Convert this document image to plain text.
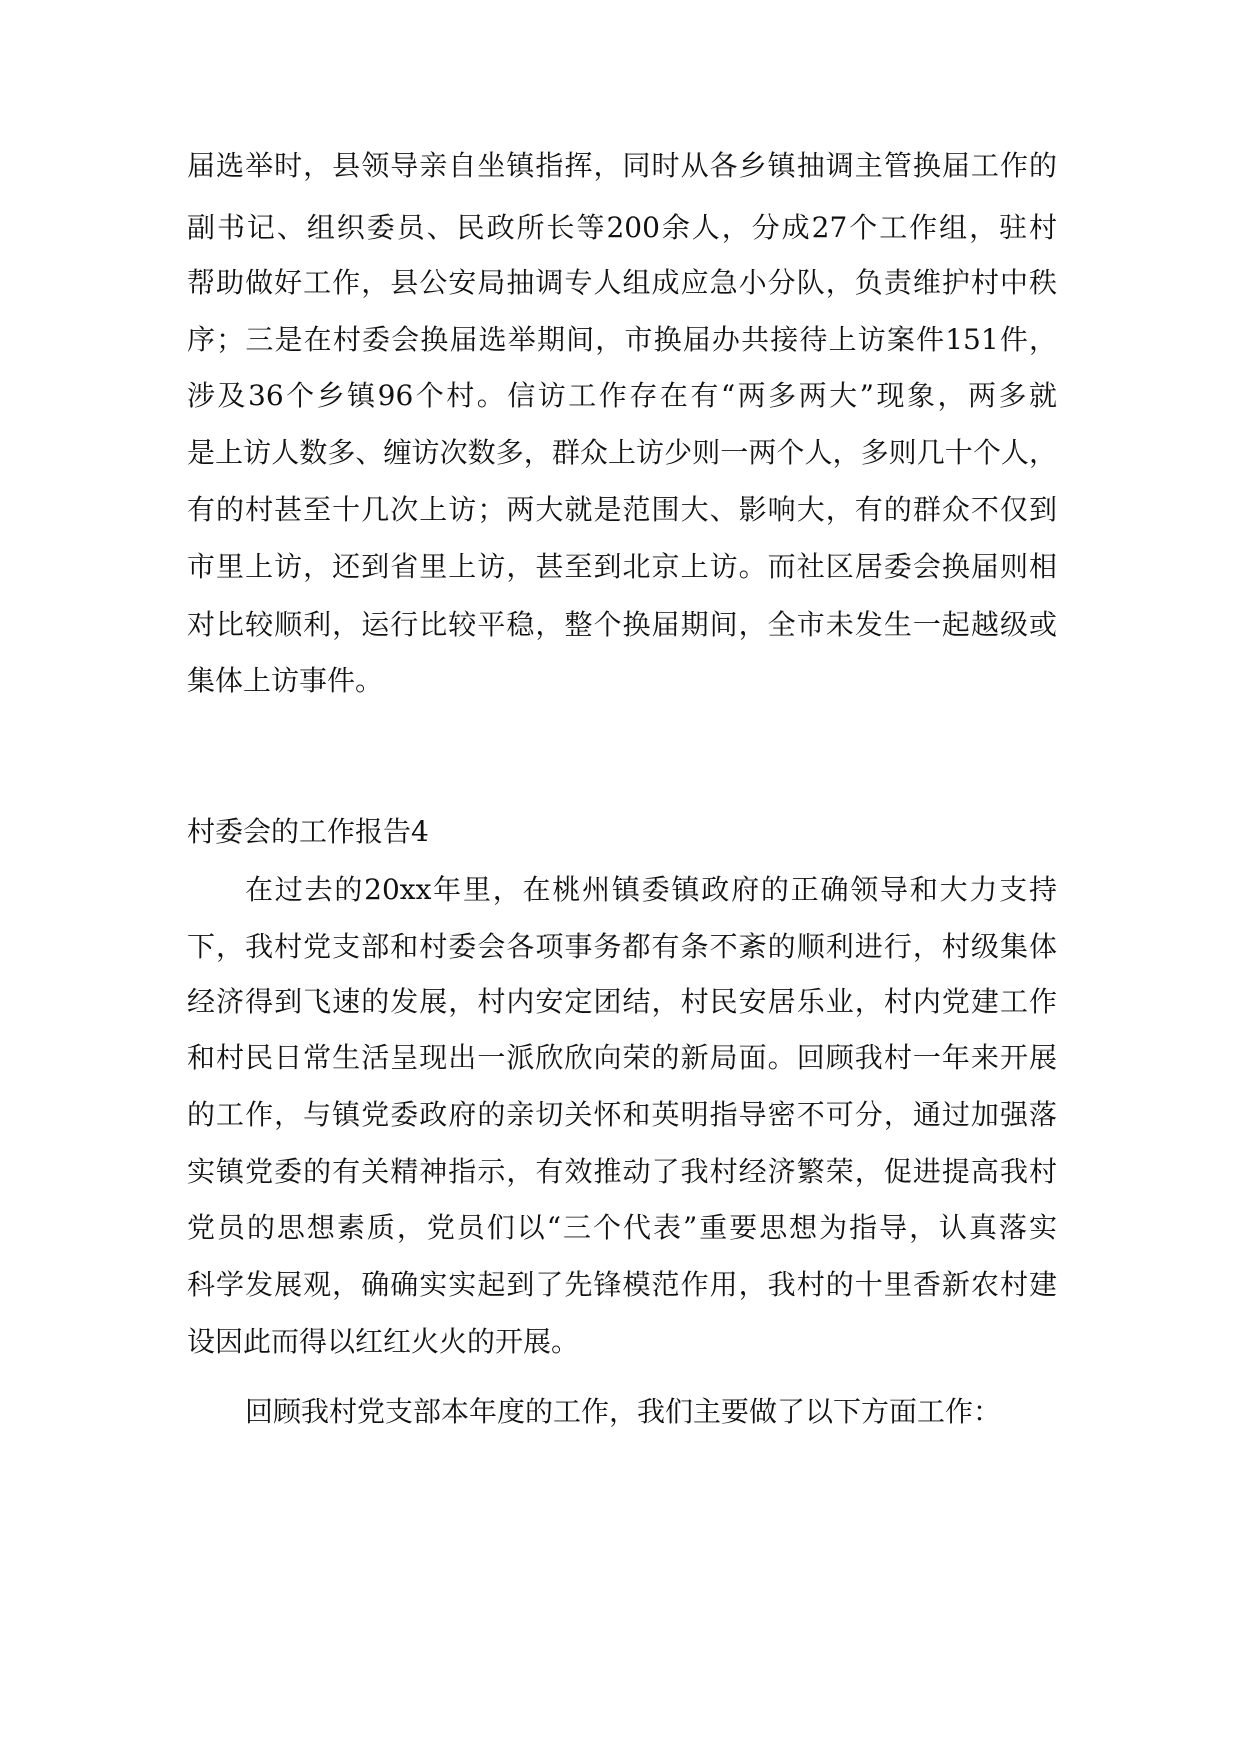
届选举时，县领导亲自坐镇指挥，同时从各乡镇抽调主管换届工作的
副书记、组织委员、民政所长等200余人，分成27个工作组，驻村
帮助做好工作，县公安局抽调专人组成应急小分队，负责维护村中秩
序；三是在村委会换届选举期间，市换届办共接待上访案件151件，
涉及36个乡镇96个村。信访工作存在有“两多两大”现象，两多就
是上访人数多、缠访次数多，群众上访少则一两个人，多则几十个人，
有的村甚至十几次上访；两大就是范围大、影响大，有的群众不仅到
市里上访，还到省里上访，甚至到北京上访。而社区居委会换届则相
对比较顺利，运行比较平稳，整个换届期间，全市未发生一起越级或
集体上访事件。
村委会的工作报告4
在过去的20xx年里，在桃州镇委镇政府的正确领导和大力支持
下，我村党支部和村委会各项事务都有条不紊的顺利进行，村级集体
经济得到飞速的发展，村内安定团结，村民安居乐业，村内党建工作
和村民日常生活呈现出一派欣欣向荣的新局面。回顾我村一年来开展
的工作，与镇党委政府的亲切关怀和英明指导密不可分，通过加强落
实镇党委的有关精神指示，有效推动了我村经济繁荣，促进提高我村
党员的思想素质，党员们以“三个代表”重要思想为指导，认真落实
科学发展观，确确实实起到了先锋模范作用，我村的十里香新农村建
设因此而得以红红火火的开展。
回顾我村党支部本年度的工作，我们主要做了以下方面工作：
